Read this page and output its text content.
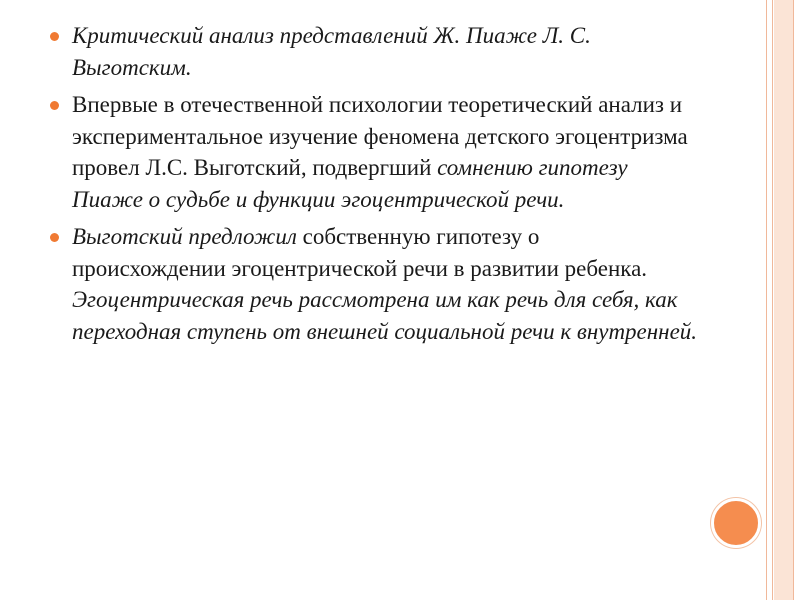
Критический анализ представлений Ж. Пиаже Л. С. Выготским.
Впервые в отечественной психологии теоретический анализ и экспериментальное изучение феномена детского эгоцентризма провел Л.С. Выготский, подвергший сомнению гипотезу Пиаже о судьбе и функции эгоцентрической речи.
Выготский предложил собственную гипотезу о происхождении эгоцентрической речи в развитии ребенка. Эгоцентрическая речь рассмотрена им как речь для себя, как переходная ступень от внешней социальной речи к внутренней.
